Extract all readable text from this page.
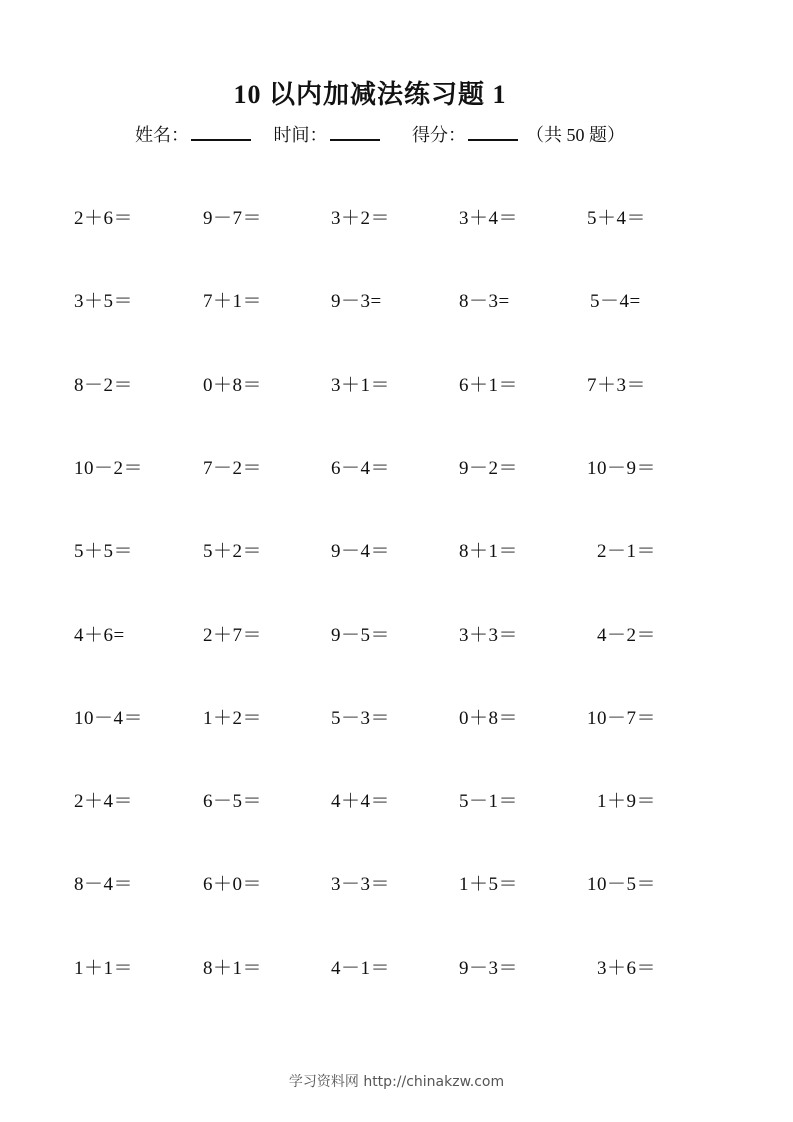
10 以内加减法练习题 1
姓名：	时间：	得分：	（共 50 题）
2＋6＝	9－7＝	3＋2＝	3＋4＝	5＋4＝
3＋5＝	7＋1＝	9－3=	8－3=	5－4=
8－2＝	0＋8＝	3＋1＝	6＋1＝	7＋3＝
10－2＝	7－2＝	6－4＝	9－2＝	10－9＝
5＋5＝	5＋2＝	9－4＝	8＋1＝	2－1＝
4＋6=	2＋7＝	9－5＝	3＋3＝	4－2＝
10－4＝	1＋2＝	5－3＝	0＋8＝	10－7＝
2＋4＝	6－5＝	4＋4＝	5－1＝	1＋9＝
8－4＝	6＋0＝	3－3＝	1＋5＝	10－5＝
1＋1＝	8＋1＝	4－1＝	9－3＝	3＋6＝
学习资料网 http://chinakzw.com
